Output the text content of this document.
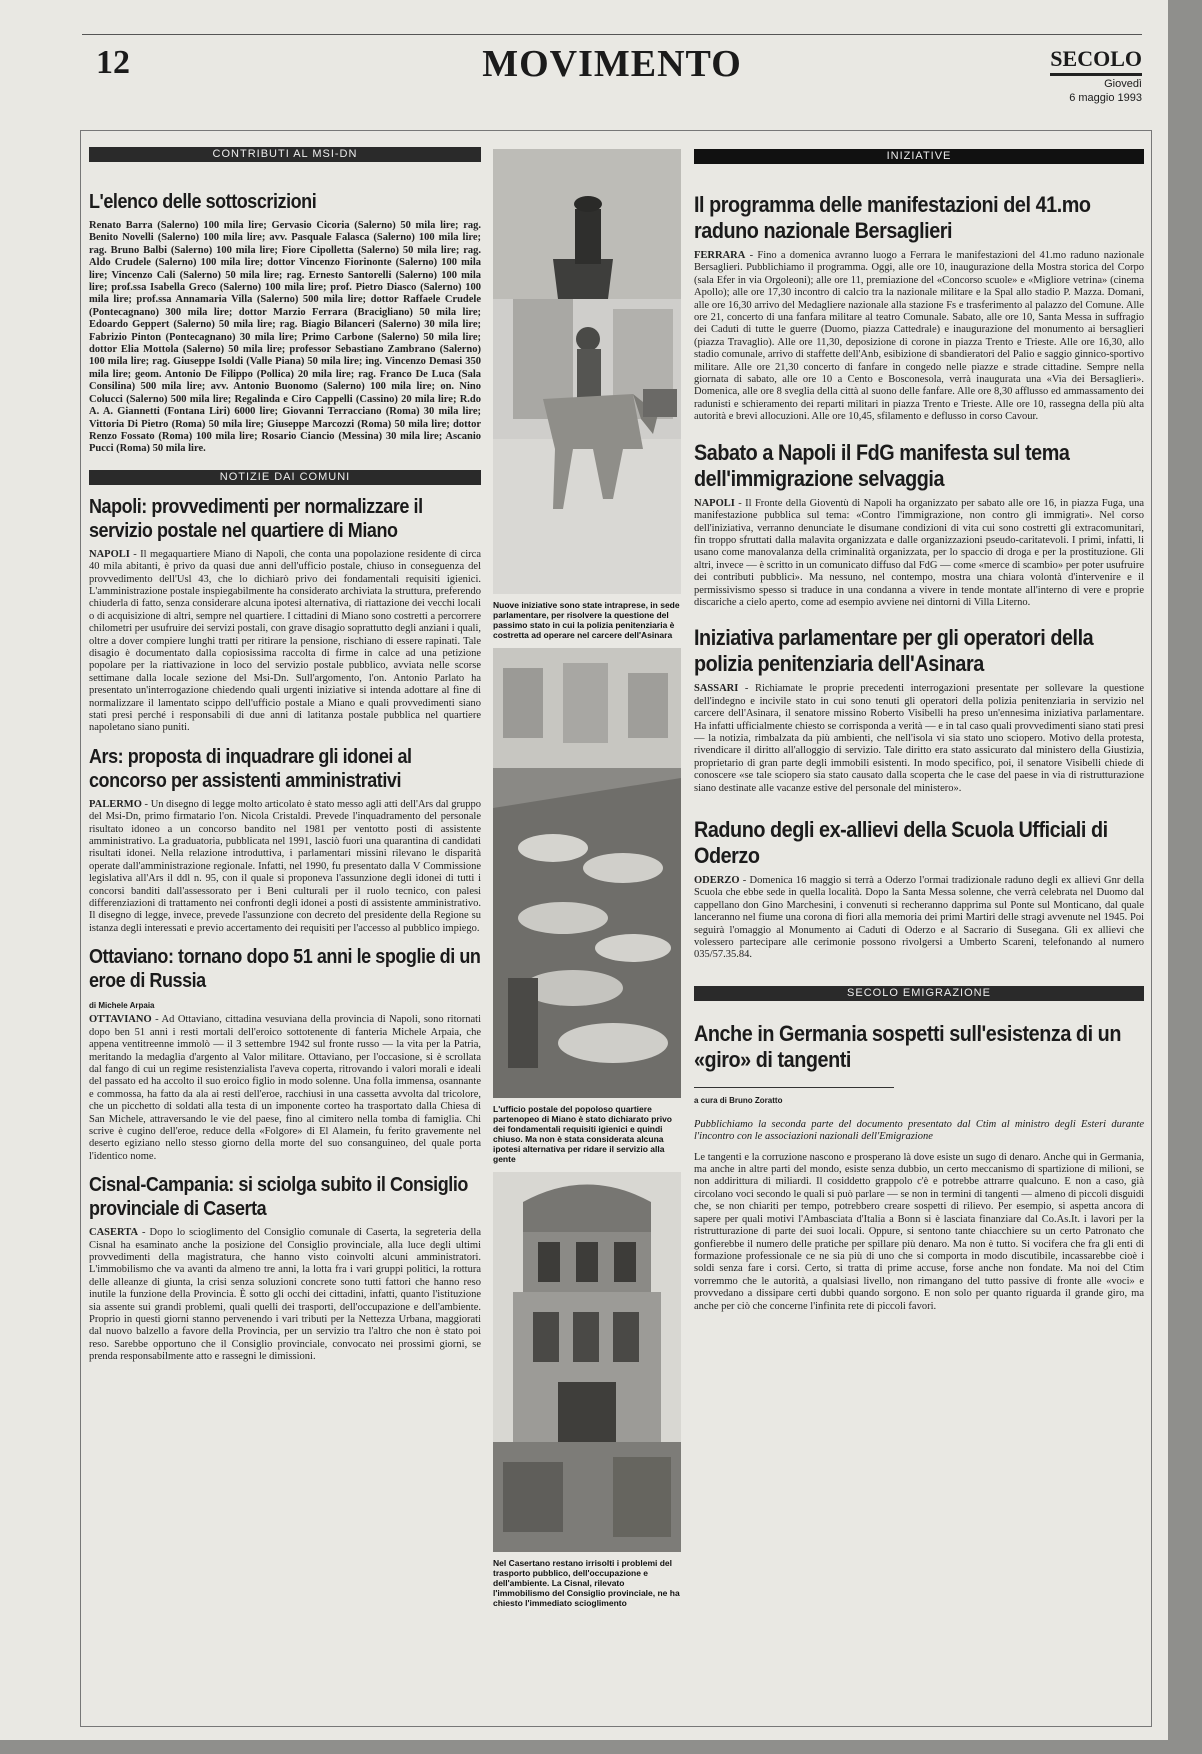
12	MOVIMENTO	SECOLO
Giovedì
6 maggio 1993
CONTRIBUTI AL MSI-DN
L'elenco delle sottoscrizioni

Renato Barra (Salerno) 100 mila lire; Gervasio Cicoria (Salerno) 50 mila lire; rag. Benito Novelli (Salerno) 100 mila lire; avv. Pasquale Falasca (Salerno) 100 mila lire; rag. Bruno Balbi (Salerno) 100 mila lire; Fiore Cipolletta (Salerno) 50 mila lire; rag. Aldo Crudele (Salerno) 100 mila lire; dottor Vincenzo Fiorinonte (Salerno) 100 mila lire; Vincenzo Cali (Salerno) 50 mila lire; rag. Ernesto Santorelli (Salerno) 100 mila lire; prof.ssa Isabella Greco (Salerno) 100 mila lire; prof. Pietro Diasco (Salerno) 100 mila lire; prof.ssa Annamaria Villa (Salerno) 500 mila lire; dottor Raffaele Crudele (Pontecagnano) 300 mila lire; dottor Marzio Ferrara (Bracigliano) 50 mila lire; Edoardo Geppert (Salerno) 50 mila lire; rag. Biagio Bilanceri (Salerno) 30 mila lire; Fabrizio Pinton (Pontecagnano) 30 mila lire; Primo Carbone (Salerno) 50 mila lire; dottor Elia Mottola (Salerno) 50 mila lire; professor Sebastiano Zambrano (Salerno) 100 mila lire; rag. Giuseppe Isoldi (Valle Piana) 50 mila lire; ing. Vincenzo Demasi 350 mila lire; geom. Antonio De Filippo (Pollica) 20 mila lire; rag. Franco De Luca (Sala Consilina) 500 mila lire; avv. Antonio Buonomo (Salerno) 100 mila lire; on. Nino Colucci (Salerno) 500 mila lire; Regalinda e Ciro Cappelli (Cassino) 20 mila lire; R.do A. A. Giannetti (Fontana Liri) 6000 lire; Giovanni Terracciano (Roma) 30 mila lire; Vittoria Di Pietro (Roma) 50 mila lire; Giuseppe Marcozzi (Roma) 50 mila lire; dottor Renzo Fossato (Roma) 100 mila lire; Rosario Ciancio (Messina) 30 mila lire; Ascanio Pucci (Roma) 50 mila lire.

NOTIZIE DAI COMUNI
Napoli: provvedimenti per normalizzare il servizio postale nel quartiere di Miano

NAPOLI - Il megaquartiere Miano di Napoli, che conta una popolazione residente di circa 40 mila abitanti, è privo da quasi due anni dell'ufficio postale, chiuso in conseguenza del provvedimento dell'Usl 43, che lo dichiarò privo dei fondamentali requisiti igienici. L'amministrazione postale inspiegabilmente ha considerato archiviata la struttura, preferendo chiuderla di fatto, senza considerare alcuna ipotesi alternativa, di riattazione dei vecchi locali o di acquisizione di altri, sempre nel quartiere. I cittadini di Miano sono costretti a percorrere chilometri per usufruire dei servizi postali, con grave disagio soprattutto degli anziani i quali, oltre a dover compiere lunghi tratti per ritirare la pensione, rischiano di essere rapinati. Tale disagio è documentato dalla copiosissima raccolta di firme in calce ad una petizione popolare per la riattivazione in loco del servizio postale pubblico, avviata nelle scorse settimane dalla locale sezione del Msi-Dn. Sull'argomento, l'on. Antonio Parlato ha presentato un'interrogazione chiedendo quali urgenti iniziative si intenda adottare al fine di normalizzare il lamentato scippo dell'ufficio postale a Miano e quali provvedimenti siano stati presi perché i responsabili di due anni di latitanza postale pubblica nel quartiere napoletano siano puniti.

Ars: proposta di inquadrare gli idonei al concorso per assistenti amministrativi

PALERMO - Un disegno di legge molto articolato è stato messo agli atti dell'Ars dal gruppo del Msi-Dn, primo firmatario l'on. Nicola Cristaldi. Prevede l'inquadramento del personale risultato idoneo a un concorso bandito nel 1981 per ventotto posti di assistente amministrativo. La graduatoria, pubblicata nel 1991, lasciò fuori una quarantina di candidati risultati idonei. Nella relazione introduttiva, i parlamentari missini rilevano le disparità operate dall'amministrazione regionale. Infatti, nel 1990, fu presentato dalla V Commissione legislativa all'Ars il ddl n. 95, con il quale si proponeva l'assunzione degli idonei di tutti i concorsi banditi dall'assessorato per i Beni culturali per il ruolo tecnico, con palesi differenziazioni di trattamento nei confronti degli idonei a posti di assistente amministrativo. Il disegno di legge, invece, prevede l'assunzione con decreto del presidente della Regione su istanza degli interessati e previo accertamento dei requisiti per l'accesso al pubblico impiego.

Ottaviano: tornano dopo 51 anni le spoglie di un eroe di Russia
di Michele Arpaia

OTTAVIANO - Ad Ottaviano, cittadina vesuviana della provincia di Napoli, sono ritornati dopo ben 51 anni i resti mortali dell'eroico sottotenente di fanteria Michele Arpaia, che appena ventitreenne immolò — il 3 settembre 1942 sul fronte russo — la vita per la Patria, meritando la medaglia d'argento al Valor militare. Ottaviano, per l'occasione, si è scrollata dal fango di cui un regime resistenzialista l'aveva coperta, ritrovando i valori morali e ideali del passato ed ha accolto il suo eroico figlio in modo solenne. Una folla immensa, osannante e commossa, ha fatto da ala ai resti dell'eroe, racchiusi in una cassetta avvolta dal tricolore, che un picchetto di soldati alla testa di un imponente corteo ha trasportato dalla Chiesa di San Michele, attraversando le vie del paese, fino al cimitero nella tomba di famiglia. Chi scrive è cugino dell'eroe, reduce della «Folgore» di El Alamein, fu ferito gravemente nel deserto egiziano nello stesso giorno della morte del suo consanguineo, del quale porta l'identico nome.

Cisnal-Campania: si sciolga subito il Consiglio provinciale di Caserta

CASERTA - Dopo lo scioglimento del Consiglio comunale di Caserta, la segreteria della Cisnal ha esaminato anche la posizione del Consiglio provinciale, alla luce degli ultimi provvedimenti della magistratura, che hanno visto coinvolti alcuni amministratori. L'immobilismo che va avanti da almeno tre anni, la lotta fra i vari gruppi politici, la rottura delle alleanze di giunta, la crisi senza soluzioni concrete sono tutti fattori che hanno reso inutile la funzione della Provincia. È sotto gli occhi dei cittadini, infatti, quanto l'istituzione sia assente sui grandi problemi, quali quelli dei trasporti, dell'occupazione e dell'ambiente. Proprio in questi giorni stanno pervenendo i vari tributi per la Nettezza Urbana, maggiorati dal nuovo balzello a favore della Provincia, per un servizio tra l'altro che non è stato poi reso. Sarebbe opportuno che il Consiglio provinciale, convocato nei prossimi giorni, se prenda responsabilmente atto e rassegni le dimissioni.

Nuove iniziative sono state intraprese, in sede parlamentare, per risolvere la questione del passimo stato in cui la polizia penitenziaria è costretta ad operare nel carcere dell'Asinara
L'ufficio postale del popoloso quartiere partenopeo di Miano è stato dichiarato privo dei fondamentali requisiti igienici e quindi chiuso. Ma non è stata considerata alcuna ipotesi alternativa per ridare il servizio alla gente
Nel Casertano restano irrisolti i problemi del trasporto pubblico, dell'occupazione e dell'ambiente. La Cisnal, rilevato l'immobilismo del Consiglio provinciale, ne ha chiesto l'immediato scioglimento
INIZIATIVE
Il programma delle manifestazioni del 41.mo raduno nazionale Bersaglieri

FERRARA - Fino a domenica avranno luogo a Ferrara le manifestazioni del 41.mo raduno nazionale Bersaglieri. Pubblichiamo il programma. Oggi, alle ore 10, inaugurazione della Mostra storica del Corpo (sala Efer in via Orgoleoni); alle ore 11, premiazione del «Concorso scuole» e «Migliore vetrina» (cinema Apollo); alle ore 17,30 incontro di calcio tra la nazionale militare e la Spal allo stadio P. Mazza. Domani, alle ore 16,30 arrivo del Medagliere nazionale alla stazione Fs e trasferimento al palazzo del Comune. Alle ore 21, concerto di una fanfara militare al teatro Comunale. Sabato, alle ore 10, Santa Messa in suffragio dei Caduti di tutte le guerre (Duomo, piazza Cattedrale) e inaugurazione del monumento ai bersaglieri (piazza Travaglio). Alle ore 11,30, deposizione di corone in piazza Trento e Trieste. Alle ore 16,30, allo stadio comunale, arrivo di staffette dell'Anb, esibizione di sbandieratori del Palio e saggio ginnico-sportivo militare. Alle ore 21,30 concerto di fanfare in congedo nelle piazze e strade cittadine. Sempre nella giornata di sabato, alle ore 10 a Cento e Bosconesola, verrà inaugurata una «Via dei Bersaglieri». Domenica, alle ore 8 sveglia della città al suono delle fanfare. Alle ore 8,30 afflusso ed ammassamento dei radunisti e schieramento dei reparti militari in piazza Trento e Trieste. Alle ore 10, rassegna della più alta autorità e brevi allocuzioni. Alle ore 10,45, sfilamento e deflusso in corso Cavour.

Sabato a Napoli il FdG manifesta sul tema dell'immigrazione selvaggia

NAPOLI - Il Fronte della Gioventù di Napoli ha organizzato per sabato alle ore 16, in piazza Fuga, una manifestazione pubblica sul tema: «Contro l'immigrazione, non contro gli immigrati». Nel corso dell'iniziativa, verranno denunciate le disumane condizioni di vita cui sono costretti gli extracomunitari, fin troppo sfruttati dalla malavita organizzata e dalle organizzazioni pseudo-caritatevoli. I primi, infatti, li usano come manovalanza della criminalità organizzata, per lo spaccio di droga e per la prostituzione. Gli altri, invece — è scritto in un comunicato diffuso dal FdG — come «merce di scambio» per poter usufruire dei contributi pubblici». Ma nessuno, nel contempo, mostra una chiara volontà d'intervenire e il permissivismo spesso si traduce in una condanna a vivere in tende montate all'interno di vere e proprie discariche a cielo aperto, come ad esempio avviene nei dintorni di Villa Literno.

Iniziativa parlamentare per gli operatori della polizia penitenziaria dell'Asinara

SASSARI - Richiamate le proprie precedenti interrogazioni presentate per sollevare la questione dell'indegno e incivile stato in cui sono tenuti gli operatori della polizia penitenziaria in servizio nel carcere dell'Asinara, il senatore missino Roberto Visibelli ha preso un'ennesima iniziativa parlamentare. Ha infatti ufficialmente chiesto se corrisponda a verità — e in tal caso quali provvedimenti siano stati presi — la notizia, rimbalzata da più ambienti, che nell'isola vi sia stato uno sciopero. Motivo della protesta, rivendicare il diritto all'alloggio di servizio. Tale diritto era stato assicurato dal ministero della Giustizia, proprietario di gran parte degli immobili esistenti. In modo specifico, poi, il senatore Visibelli chiede di conoscere «se tale sciopero sia stato causato dalla scoperta che le case del paese in via di ristrutturazione siano destinate alle vacanze estive del personale del ministero».

Raduno degli ex-allievi della Scuola Ufficiali di Oderzo

ODERZO - Domenica 16 maggio si terrà a Oderzo l'ormai tradizionale raduno degli ex allievi Gnr della Scuola che ebbe sede in quella località. Dopo la Santa Messa solenne, che verrà celebrata nel Duomo dal cappellano don Gino Marchesini, i convenuti si recheranno dapprima sul Ponte sul Monticano, dal quale lanceranno nel fiume una corona di fiori alla memoria dei primi Martiri delle stragi avvenute nel 1945. Poi seguirà l'omaggio al Monumento ai Caduti di Oderzo e al Sacrario di Susegana. Gli ex allievi che volessero partecipare alle cerimonie possono rivolgersi a Umberto Scareni, telefonando al numero 035/57.35.84.

SECOLO EMIGRAZIONE
Anche in Germania sospetti sull'esistenza di un «giro» di tangenti
a cura di Bruno Zoratto

Pubblichiamo la seconda parte del documento presentato dal Ctim al ministro degli Esteri durante l'incontro con le associazioni nazionali dell'Emigrazione

Le tangenti e la corruzione nascono e prosperano là dove esiste un sugo di denaro. Anche qui in Germania, ma anche in altre parti del mondo, esiste senza dubbio, un certo meccanismo di spartizione di milioni, se non addirittura di miliardi. Il cosiddetto grappolo c'è e potrebbe attrarre qualcuno. E non a caso, già circolano voci secondo le quali si può parlare — se non in termini di tangenti — almeno di piccoli disguidi che, se non chiariti per tempo, potrebbero creare sospetti di rilievo. Per esempio, si aspetta ancora di sapere per quali motivi l'Ambasciata d'Italia a Bonn si è lasciata finanziare dal Co.As.It. i lavori per la ristrutturazione di parte dei suoi locali. Oppure, si sentono tante chiacchiere su un certo Patronato che gonfierebbe il numero delle pratiche per spillare più denaro. Ma non è tutto. Si vocifera che fra gli enti di formazione professionale ce ne sia più di uno che si comporta in modo discutibile, incassarebbe cioè i soldi senza fare i corsi. Certo, si tratta di prime accuse, forse anche non fondate. Ma noi del Ctim vorremmo che le autorità, a qualsiasi livello, non rimangano del tutto passive di fronte alle «voci» e provvedano a dissipare certi dubbi quando sorgono. E non solo per quanto riguarda il grande giro, ma anche per ciò che concerne l'infinita rete di piccoli favori.
